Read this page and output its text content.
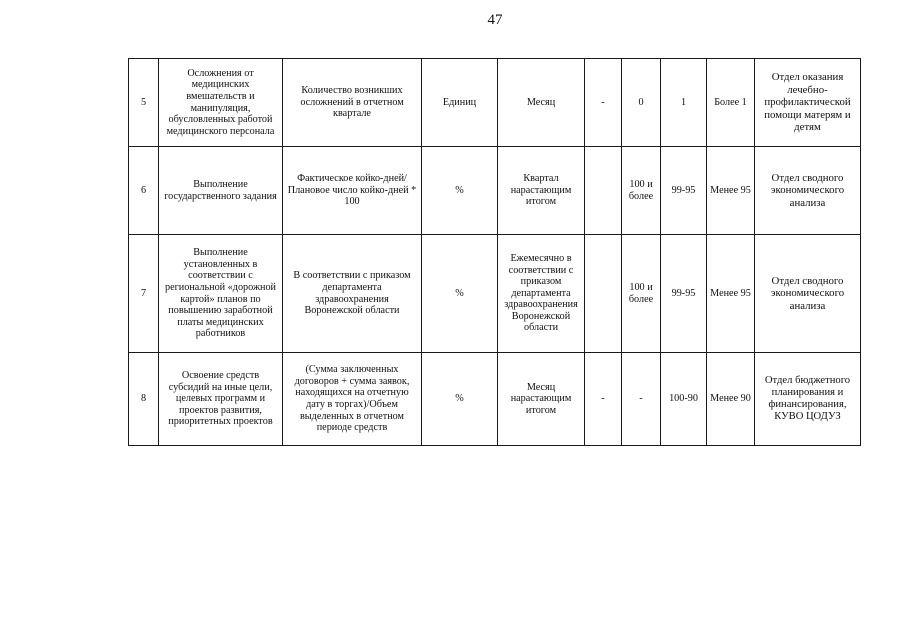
47
5	Осложнения от медицинских вмешательств и манипуляция, обусловленных работой медицинского персонала	Количество возникших осложнений в отчетном квартале	Единиц	Месяц	-	0	1	Более 1	Отдел оказания лечебно-профилактической помощи матерям и детям
6	Выполнение государственного задания	Фактическое койко-дней/Плановое число койко-дней * 100	%	Квартал нарастающим итогом		100 и более	99-95	Менее 95	Отдел сводного экономического анализа
7	Выполнение установленных в соответствии с региональной «дорожной картой» планов по повышению заработной платы медицинских работников	В соответствии с приказом департамента здравоохранения Воронежской области	%	Ежемесячно в соответствии с приказом департамента здравоохранения Воронежской области		100 и более	99-95	Менее 95	Отдел сводного экономического анализа
8	Освоение средств субсидий на иные цели, целевых программ и проектов развития, приоритетных проектов	(Сумма заключенных договоров + сумма заявок, находящихся на отчетную дату в торгах)/Объем выделенных в отчетном периоде средств	%	Месяц нарастающим итогом	-	-	100-90	Менее 90	Отдел бюджетного планирования и финансирования, КУВО ЦОДУЗ
